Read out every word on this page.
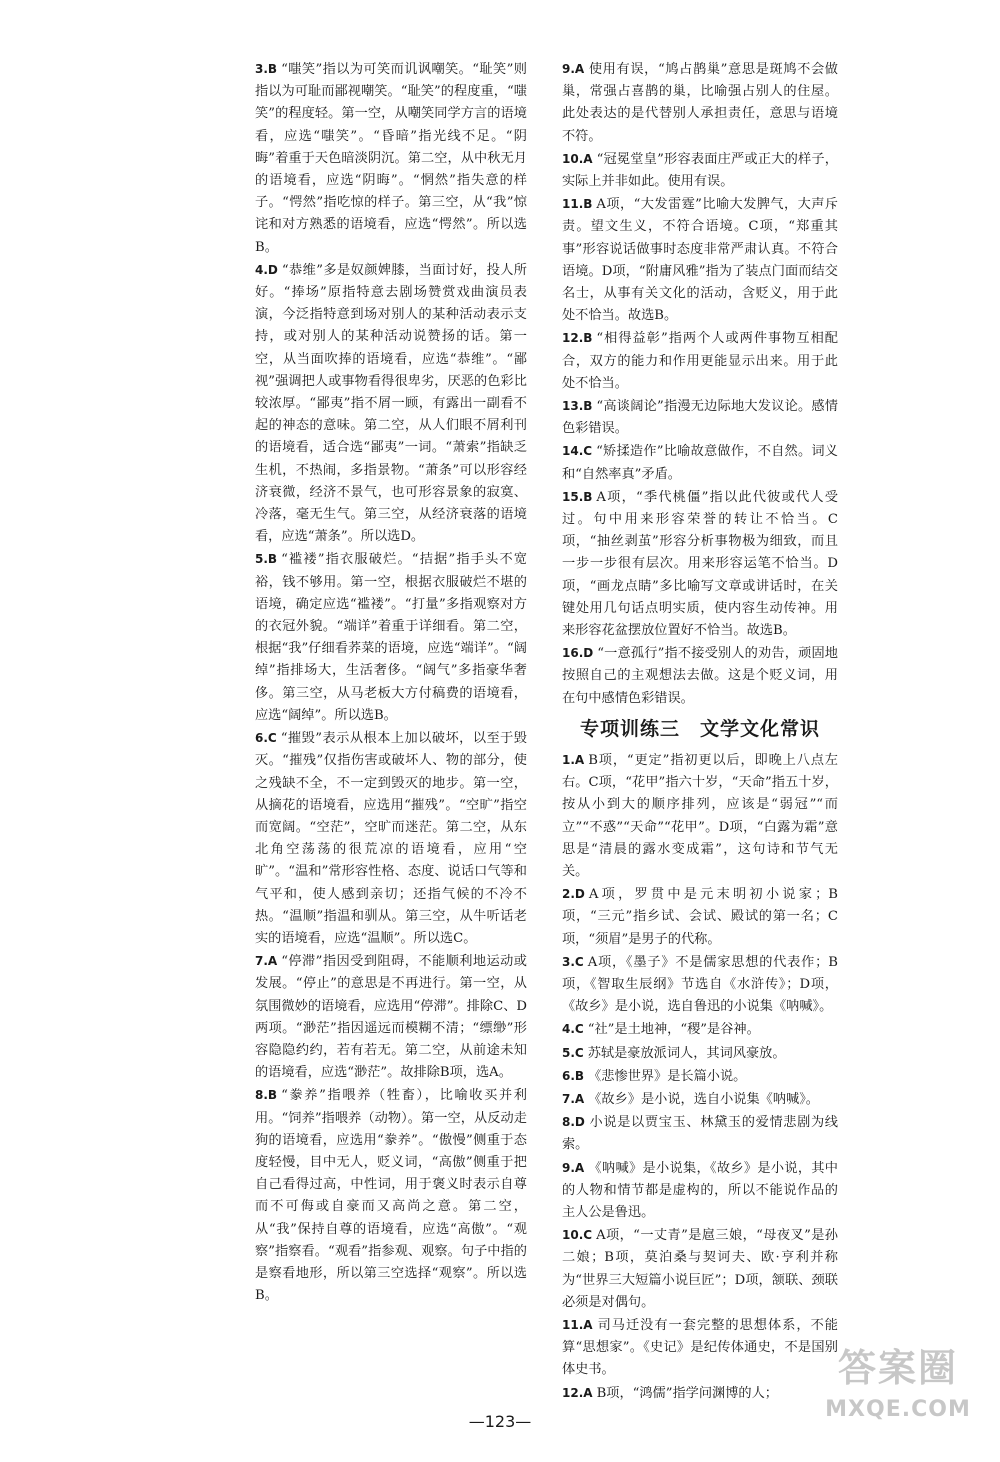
3.B “嗤笑”指以为可笑而讥讽嘲笑。“耻笑”则指以为可耻而鄙视嘲笑。“耻笑”的程度重，“嗤笑”的程度轻。第一空，从嘲笑同学方言的语境看，应选“嗤笑”。“昏暗”指光线不足。“阴晦”着重于天色暗淡阴沉。第二空，从中秋无月的语境看，应选“阴晦”。“惘然”指失意的样子。“愕然”指吃惊的样子。第三空，从“我”惊诧和对方熟悉的语境看，应选“愕然”。所以选B。

4.D “恭维”多是奴颜婢膝，当面讨好，投人所好。“捧场”原指特意去剧场赞赏戏曲演员表演，今泛指特意到场对别人的某种活动表示支持，或对别人的某种活动说赞扬的话。第一空，从当面吹捧的语境看，应选“恭维”。“鄙视”强调把人或事物看得很卑劣，厌恶的色彩比较浓厚。“鄙夷”指不屑一顾，有露出一副看不起的神态的意味。第二空，从人们眼不屑利刊的语境看，适合选“鄙夷”一词。“萧索”指缺乏生机，不热闹，多指景物。“萧条”可以形容经济衰微，经济不景气，也可形容景象的寂寞、冷落，毫无生气。第三空，从经济衰落的语境看，应选“萧条”。所以选D。

5.B “褴褛”指衣服破烂。“拮据”指手头不宽裕，钱不够用。第一空，根据衣服破烂不堪的语境，确定应选“褴褛”。“打量”多指观察对方的衣冠外貌。“端详”着重于详细看。第二空，根据“我”仔细看荞菜的语境，应选“端详”。“阔绰”指排场大，生活奢侈。“阔气”多指豪华奢侈。第三空，从马老板大方付稿费的语境看，应选“阔绰”。所以选B。

6.C “摧毁”表示从根本上加以破坏，以至于毁灭。“摧残”仅指伤害或破坏人、物的部分，使之残缺不全，不一定到毁灭的地步。第一空，从摘花的语境看，应选用“摧残”。“空旷”指空而宽阔。“空茫”，空旷而迷茫。第二空，从东北角空荡荡的很荒凉的语境看，应用“空旷”。“温和”常形容性格、态度、说话口气等和气平和，使人感到亲切；还指气候的不冷不热。“温顺”指温和驯从。第三空，从牛听话老实的语境看，应选“温顺”。所以选C。

7.A “停滞”指因受到阻碍，不能顺利地运动或发展。“停止”的意思是不再进行。第一空，从氛围微妙的语境看，应选用“停滞”。排除C、D两项。“渺茫”指因遥远而模糊不清；“缥缈”形容隐隐约约，若有若无。第二空，从前途未知的语境看，应选“渺茫”。故排除B项，选A。

8.B “豢养”指喂养（牲畜），比喻收买并利用。“饲养”指喂养（动物）。第一空，从反动走狗的语境看，应选用“豢养”。“傲慢”侧重于态度轻慢，目中无人，贬义词，“高傲”侧重于把自己看得过高，中性词，用于褒义时表示自尊而不可侮或自豪而又高尚之意。第二空，从“我”保持自尊的语境看，应选“高傲”。“观察”指察看。“观看”指参观、观察。句子中指的是察看地形，所以第三空选择“观察”。所以选B。

9.A 使用有误，“鸠占鹊巢”意思是斑鸠不会做巢，常强占喜鹊的巢，比喻强占别人的住屋。此处表达的是代替别人承担责任，意思与语境不符。

10.A “冠冕堂皇”形容表面庄严或正大的样子，实际上并非如此。使用有误。

11.B A项，“大发雷霆”比喻大发脾气，大声斥责。望文生义，不符合语境。C项，“郑重其事”形容说话做事时态度非常严肃认真。不符合语境。D项，“附庸风雅”指为了装点门面而结交名士，从事有关文化的活动，含贬义，用于此处不恰当。故选B。

12.B “相得益彰”指两个人或两件事物互相配合，双方的能力和作用更能显示出来。用于此处不恰当。

13.B “高谈阔论”指漫无边际地大发议论。感情色彩错误。

14.C “矫揉造作”比喻故意做作，不自然。词义和“自然率真”矛盾。

15.B A项，“季代桃僵”指以此代彼或代人受过。句中用来形容荣誉的转让不恰当。C项，“抽丝剥茧”形容分析事物极为细致，而且一步一步很有层次。用来形容运笔不恰当。D项，“画龙点睛”多比喻写文章或讲话时，在关键处用几句话点明实质，使内容生动传神。用来形容花盆摆放位置好不恰当。故选B。

16.D “一意孤行”指不接受别人的劝告，顽固地按照自己的主观想法去做。这是个贬义词，用在句中感情色彩错误。

专项训练三　文学文化常识

1.A B项，“更定”指初更以后，即晚上八点左右。C项，“花甲”指六十岁，“天命”指五十岁，按从小到大的顺序排列，应该是“弱冠”“而立”“不惑”“天命”“花甲”。D项，“白露为霜”意思是“清晨的露水变成霜”，这句诗和节气无关。

2.D A项，罗贯中是元末明初小说家；B项，“三元”指乡试、会试、殿试的第一名；C项，“须眉”是男子的代称。

3.C A项，《墨子》不是儒家思想的代表作；B项，《智取生辰纲》节选自《水浒传》；D项，《故乡》是小说，选自鲁迅的小说集《呐喊》。

4.C “社”是土地神，“稷”是谷神。

5.C 苏轼是豪放派词人，其词风豪放。

6.B 《悲惨世界》是长篇小说。

7.A 《故乡》是小说，选自小说集《呐喊》。

8.D 小说是以贾宝玉、林黛玉的爱情悲剧为线索。

9.A 《呐喊》是小说集，《故乡》是小说，其中的人物和情节都是虚构的，所以不能说作品的主人公是鲁迅。

10.C A项，“一丈青”是扈三娘，“母夜叉”是孙二娘；B项，莫泊桑与契诃夫、欧·亨利并称为“世界三大短篇小说巨匠”；D项，颔联、颈联必须是对偶句。

11.A 司马迁没有一套完整的思想体系，不能算“思想家”。《史记》是纪传体通史，不是国别体史书。

12.A B项，“鸿儒”指学问渊博的人；

—123—
答案圈
MXQE.COM
